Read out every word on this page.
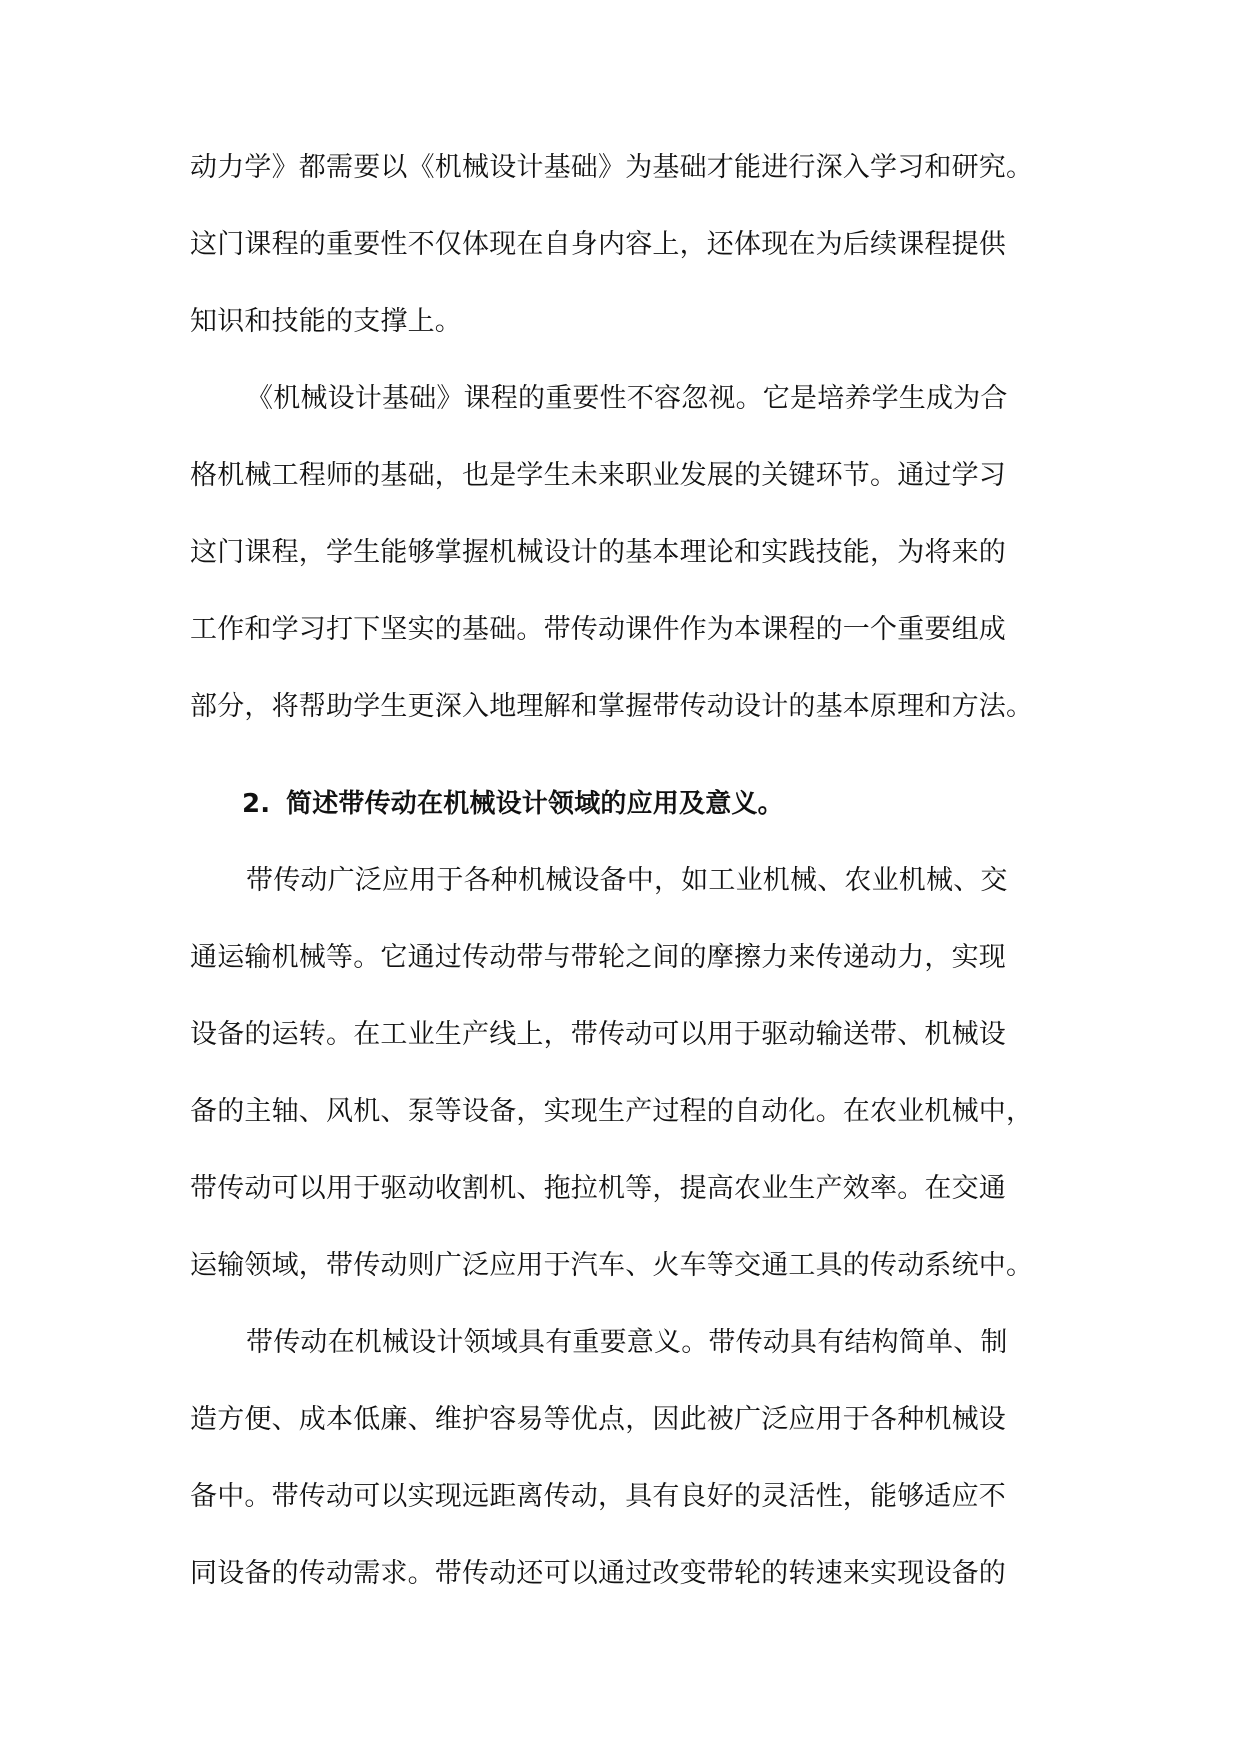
动力学》都需要以《机械设计基础》为基础才能进行深入学习和研究。
这门课程的重要性不仅体现在自身内容上，还体现在为后续课程提供
知识和技能的支撑上。
《机械设计基础》课程的重要性不容忽视。它是培养学生成为合
格机械工程师的基础，也是学生未来职业发展的关键环节。通过学习
这门课程，学生能够掌握机械设计的基本理论和实践技能，为将来的
工作和学习打下坚实的基础。带传动课件作为本课程的一个重要组成
部分，将帮助学生更深入地理解和掌握带传动设计的基本原理和方法。
2. 简述带传动在机械设计领域的应用及意义。
带传动广泛应用于各种机械设备中，如工业机械、农业机械、交
通运输机械等。它通过传动带与带轮之间的摩擦力来传递动力，实现
设备的运转。在工业生产线上，带传动可以用于驱动输送带、机械设
备的主轴、风机、泵等设备，实现生产过程的自动化。在农业机械中，
带传动可以用于驱动收割机、拖拉机等，提高农业生产效率。在交通
运输领域，带传动则广泛应用于汽车、火车等交通工具的传动系统中。
带传动在机械设计领域具有重要意义。带传动具有结构简单、制
造方便、成本低廉、维护容易等优点，因此被广泛应用于各种机械设
备中。带传动可以实现远距离传动，具有良好的灵活性，能够适应不
同设备的传动需求。带传动还可以通过改变带轮的转速来实现设备的
